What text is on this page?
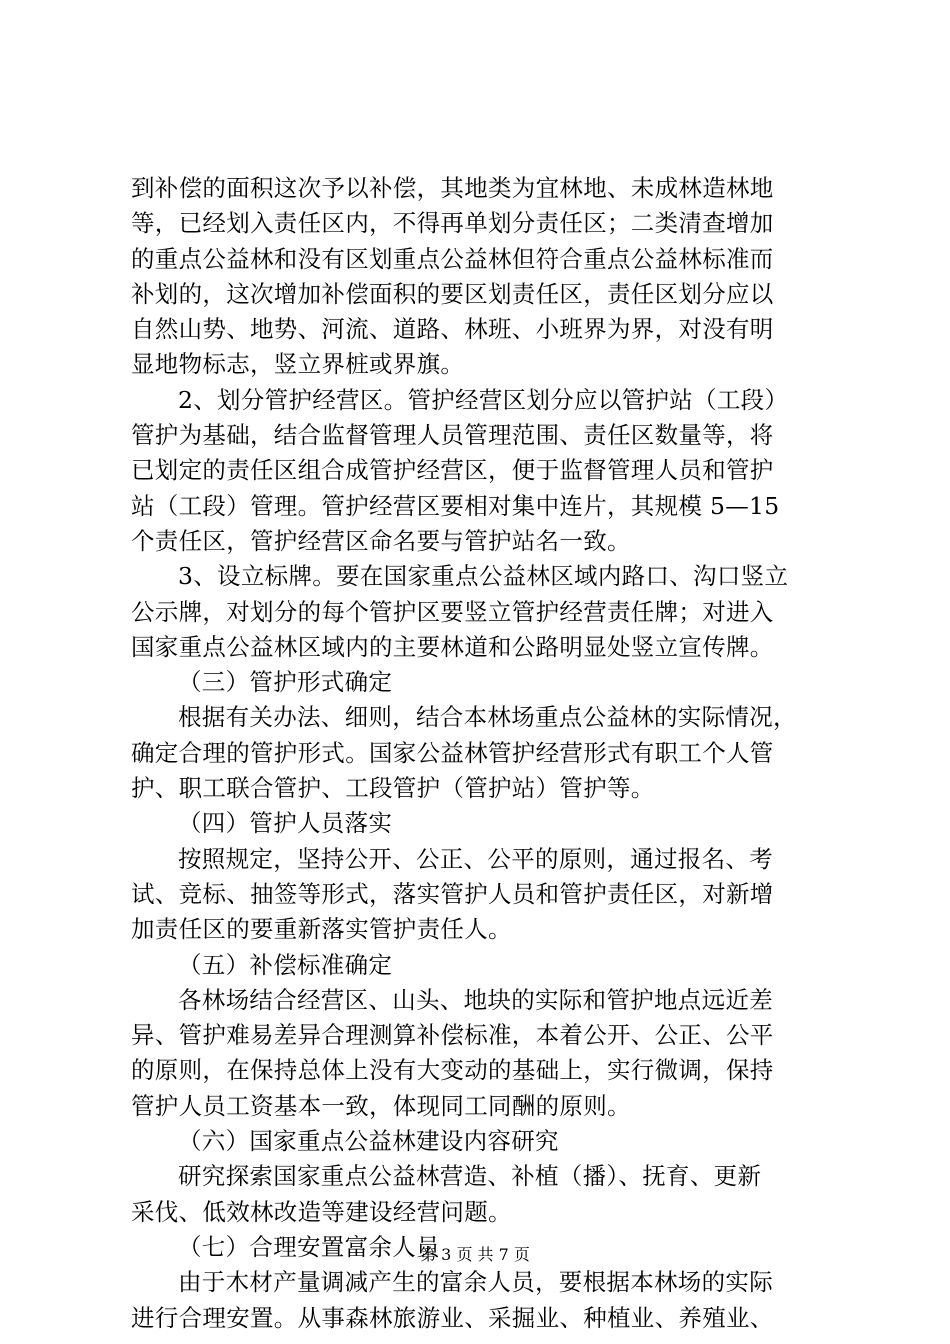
到补偿的面积这次予以补偿，其地类为宜林地、未成林造林地
等，已经划入责任区内，不得再单划分责任区；二类清查增加
的重点公益林和没有区划重点公益林但符合重点公益林标准而
补划的，这次增加补偿面积的要区划责任区，责任区划分应以
自然山势、地势、河流、道路、林班、小班界为界，对没有明
显地物标志，竖立界桩或界旗。
2、划分管护经营区。管护经营区划分应以管护站（工段）
管护为基础，结合监督管理人员管理范围、责任区数量等，将
已划定的责任区组合成管护经营区，便于监督管理人员和管护
站（工段）管理。管护经营区要相对集中连片，其规模 5—15
个责任区，管护经营区命名要与管护站名一致。
3、设立标牌。要在国家重点公益林区域内路口、沟口竖立
公示牌，对划分的每个管护区要竖立管护经营责任牌；对进入
国家重点公益林区域内的主要林道和公路明显处竖立宣传牌。
（三）管护形式确定
根据有关办法、细则，结合本林场重点公益林的实际情况，
确定合理的管护形式。国家公益林管护经营形式有职工个人管
护、职工联合管护、工段管护（管护站）管护等。
（四）管护人员落实
按照规定，坚持公开、公正、公平的原则，通过报名、考
试、竞标、抽签等形式，落实管护人员和管护责任区，对新增
加责任区的要重新落实管护责任人。
（五）补偿标准确定
各林场结合经营区、山头、地块的实际和管护地点远近差
异、管护难易差异合理测算补偿标准，本着公开、公正、公平
的原则，在保持总体上没有大变动的基础上，实行微调，保持
管护人员工资基本一致，体现同工同酬的原则。
（六）国家重点公益林建设内容研究
研究探索国家重点公益林营造、补植（播）、抚育、更新
采伐、低效林改造等建设经营问题。
（七）合理安置富余人员
由于木材产量调减产生的富余人员，要根据本林场的实际
进行合理安置。从事森林旅游业、采掘业、种植业、养殖业、
第 3 页 共 7 页
